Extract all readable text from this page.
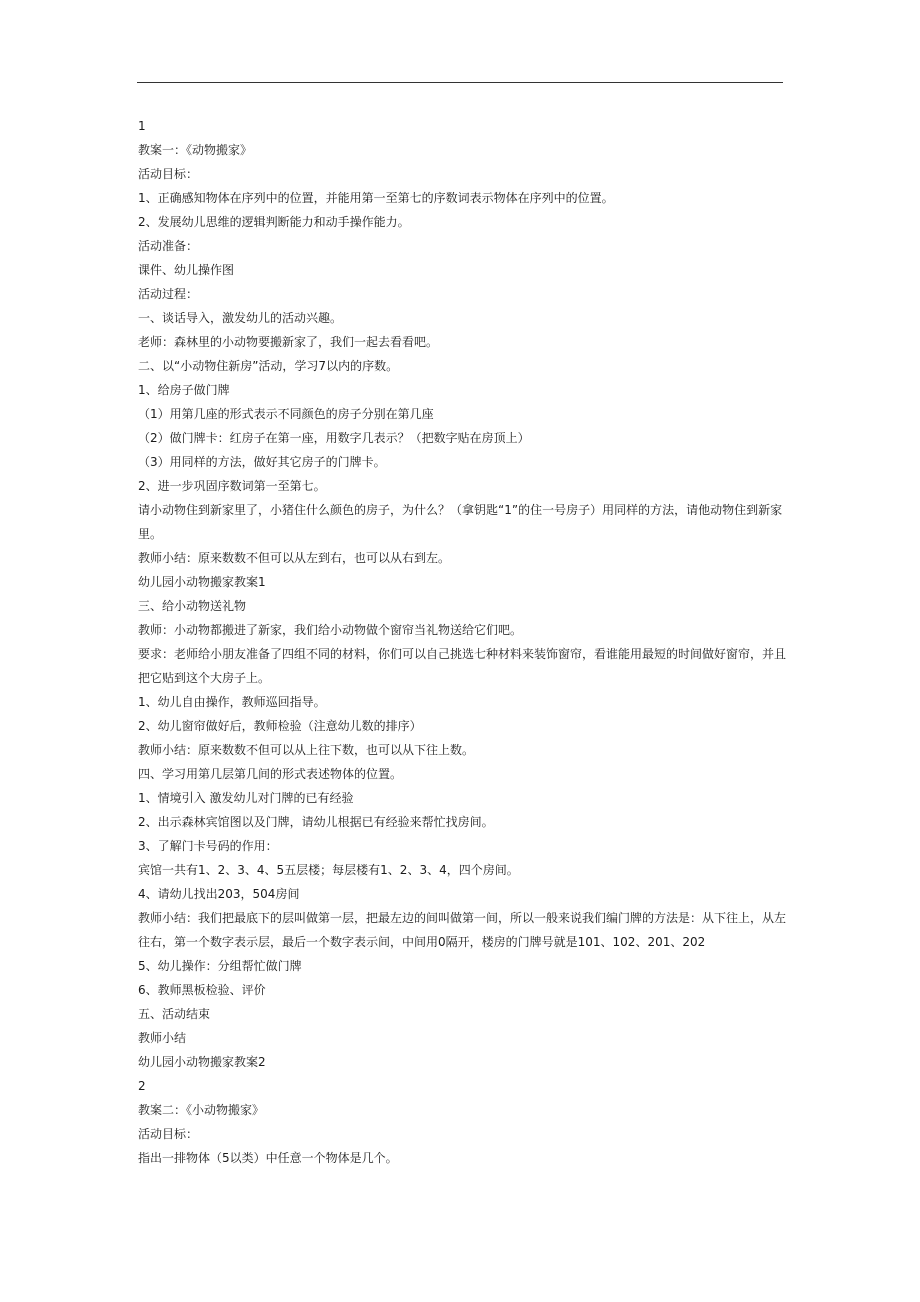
1
教案一：《动物搬家》
活动目标：
1、正确感知物体在序列中的位置，并能用第一至第七的序数词表示物体在序列中的位置。
2、发展幼儿思维的逻辑判断能力和动手操作能力。
活动准备：
课件、幼儿操作图
活动过程：
一、谈话导入，激发幼儿的活动兴趣。
老师：森林里的小动物要搬新家了，我们一起去看看吧。
二、以“小动物住新房”活动，学习7以内的序数。
1、给房子做门牌
（1）用第几座的形式表示不同颜色的房子分别在第几座
（2）做门牌卡：红房子在第一座，用数字几表示？（把数字贴在房顶上）
（3）用同样的方法，做好其它房子的门牌卡。
2、进一步巩固序数词第一至第七。
请小动物住到新家里了，小猪住什么颜色的房子，为什么？（拿钥匙“1”的住一号房子）用同样的方法，请他动物住到新家里。
教师小结：原来数数不但可以从左到右，也可以从右到左。
幼儿园小动物搬家教案1
三、给小动物送礼物
教师：小动物都搬进了新家，我们给小动物做个窗帘当礼物送给它们吧。
要求：老师给小朋友准备了四组不同的材料，你们可以自己挑选七种材料来装饰窗帘，看谁能用最短的时间做好窗帘，并且把它贴到这个大房子上。
1、幼儿自由操作，教师巡回指导。
2、幼儿窗帘做好后，教师检验（注意幼儿数的排序）
教师小结：原来数数不但可以从上往下数，也可以从下往上数。
四、学习用第几层第几间的形式表述物体的位置。
1、情境引入 激发幼儿对门牌的已有经验
2、出示森林宾馆图以及门牌，请幼儿根据已有经验来帮忙找房间。
3、了解门卡号码的作用：
宾馆一共有1、2、3、4、5五层楼；每层楼有1、2、3、4，四个房间。
4、请幼儿找出203，504房间
教师小结：我们把最底下的层叫做第一层，把最左边的间叫做第一间，所以一般来说我们编门牌的方法是：从下往上，从左往右，第一个数字表示层，最后一个数字表示间，中间用0隔开，楼房的门牌号就是101、102、201、202
5、幼儿操作：分组帮忙做门牌
6、教师黑板检验、评价
五、活动结束
教师小结
幼儿园小动物搬家教案2
2
教案二：《小动物搬家》
活动目标：
指出一排物体（5以类）中任意一个物体是几个。
